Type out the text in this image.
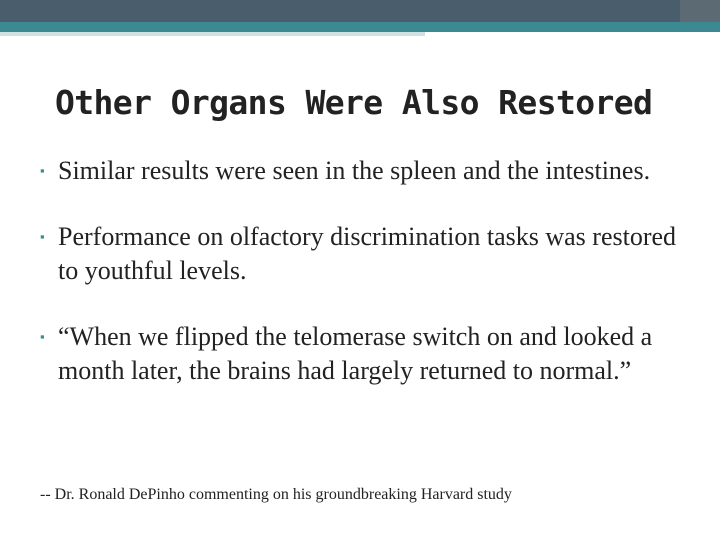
Other Organs Were Also Restored
▪ Similar results were seen in the spleen and the intestines.
▪ Performance on olfactory discrimination tasks was restored to youthful levels.
▪ “When we flipped the telomerase switch on and looked a month later, the brains had largely returned to normal.”

-- Dr. Ronald DePinho commenting on his groundbreaking Harvard study
